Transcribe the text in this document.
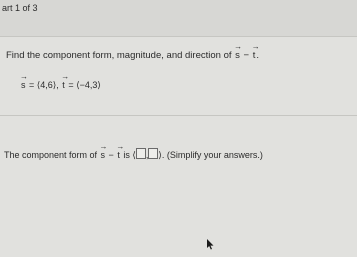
art 1 of 3
Find the component form, magnitude, and direction of → s − → t.
→ s = ⟨4,6⟩, → t = ⟨−4,3⟩
The component form of → s − → t is ⟨ , ⟩. (Simplify your answers.)
